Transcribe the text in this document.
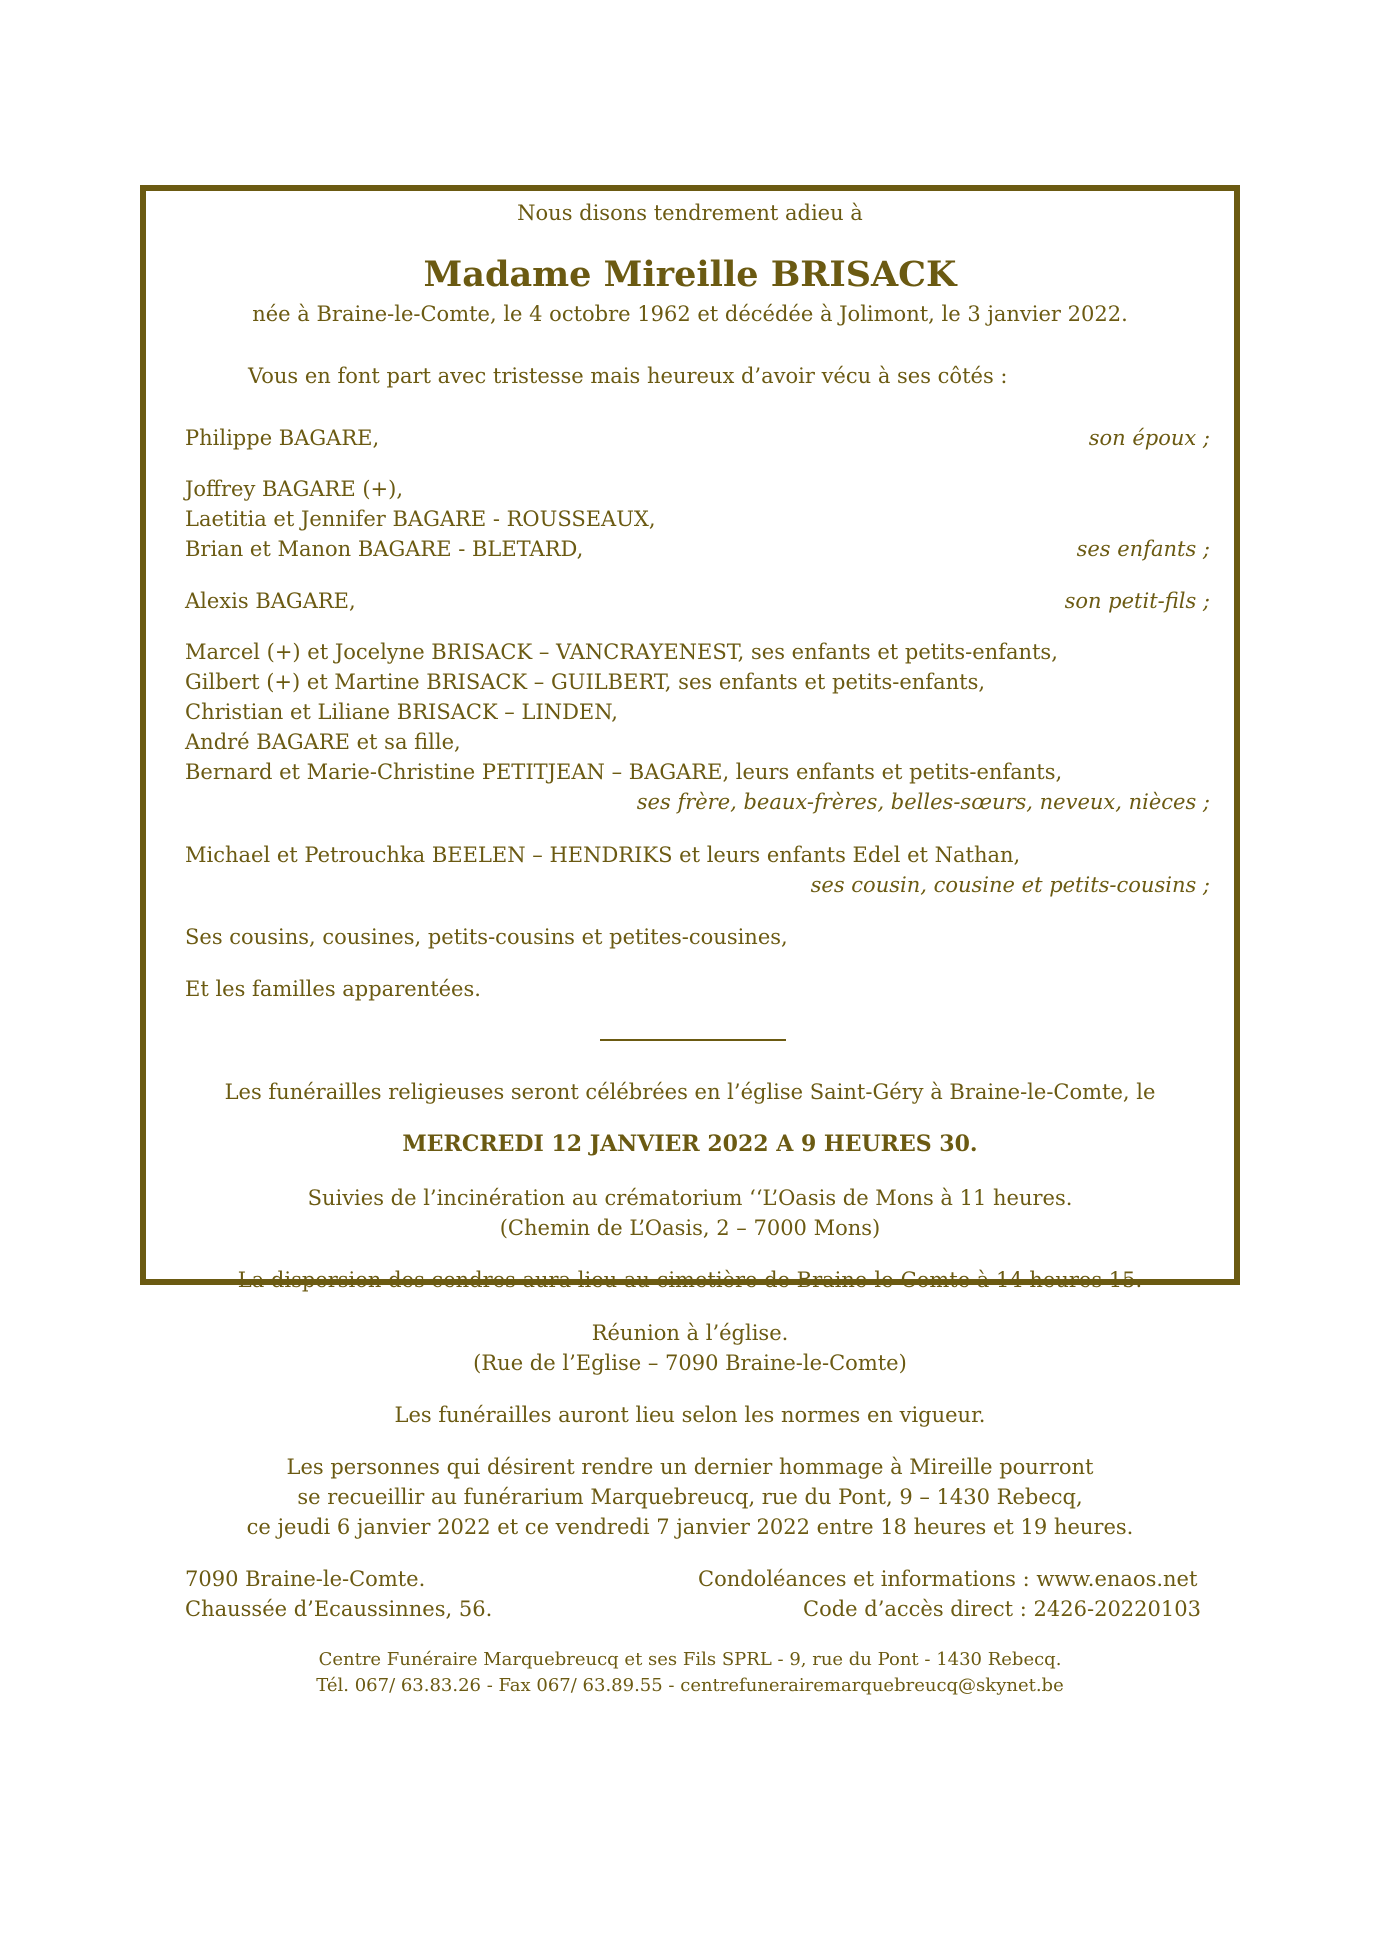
Nous disons tendrement adieu à
Madame Mireille BRISACK
née à Braine-le-Comte, le 4 octobre 1962 et décédée à Jolimont, le 3 janvier 2022.
Vous en font part avec tristesse mais heureux d’avoir vécu à ses côtés :
Philippe BAGARE,	son époux ;
Joffrey BAGARE (+),
Laetitia et Jennifer BAGARE - ROUSSEAUX,
Brian et Manon BAGARE - BLETARD,	ses enfants ;
Alexis BAGARE,	son petit-fils ;
Marcel (+) et Jocelyne BRISACK – VANCRAYENEST, ses enfants et petits-enfants,
Gilbert (+) et Martine BRISACK – GUILBERT, ses enfants et petits-enfants,
Christian et Liliane BRISACK – LINDEN,
André BAGARE et sa fille,
Bernard et Marie-Christine PETITJEAN – BAGARE, leurs enfants et petits-enfants,
ses frère, beaux-frères, belles-sœurs, neveux, nièces ;
Michael et Petrouchka BEELEN – HENDRIKS et leurs enfants Edel et Nathan,
ses cousin, cousine et petits-cousins ;
Ses cousins, cousines, petits-cousins et petites-cousines,
Et les familles apparentées.
Les funérailles religieuses seront célébrées en l’église Saint-Géry à Braine-le-Comte, le
MERCREDI 12 JANVIER 2022 A 9 HEURES 30.
Suivies de l’incinération au crématorium ‘‘L’Oasis de Mons à 11 heures.
(Chemin de L’Oasis, 2 – 7000 Mons)
La dispersion des cendres aura lieu au cimetière de Braine-le-Comte à 14 heures 15.
Réunion à l’église.
(Rue de l’Eglise – 7090 Braine-le-Comte)
Les funérailles auront lieu selon les normes en vigueur.
Les personnes qui désirent rendre un dernier hommage à Mireille pourront
se recueillir au funérarium Marquebreucq, rue du Pont, 9 – 1430 Rebecq,
ce jeudi 6 janvier 2022 et ce vendredi 7 janvier 2022 entre 18 heures et 19 heures.
7090 Braine-le-Comte.
Chaussée d’Ecaussinnes, 56.
Condoléances et informations : www.enaos.net
Code d’accès direct : 2426-20220103
Centre Funéraire Marquebreucq et ses Fils SPRL - 9, rue du Pont - 1430 Rebecq.
Tél. 067/ 63.83.26 - Fax 067/ 63.89.55 - centrefunerairemarquebreucq@skynet.be
